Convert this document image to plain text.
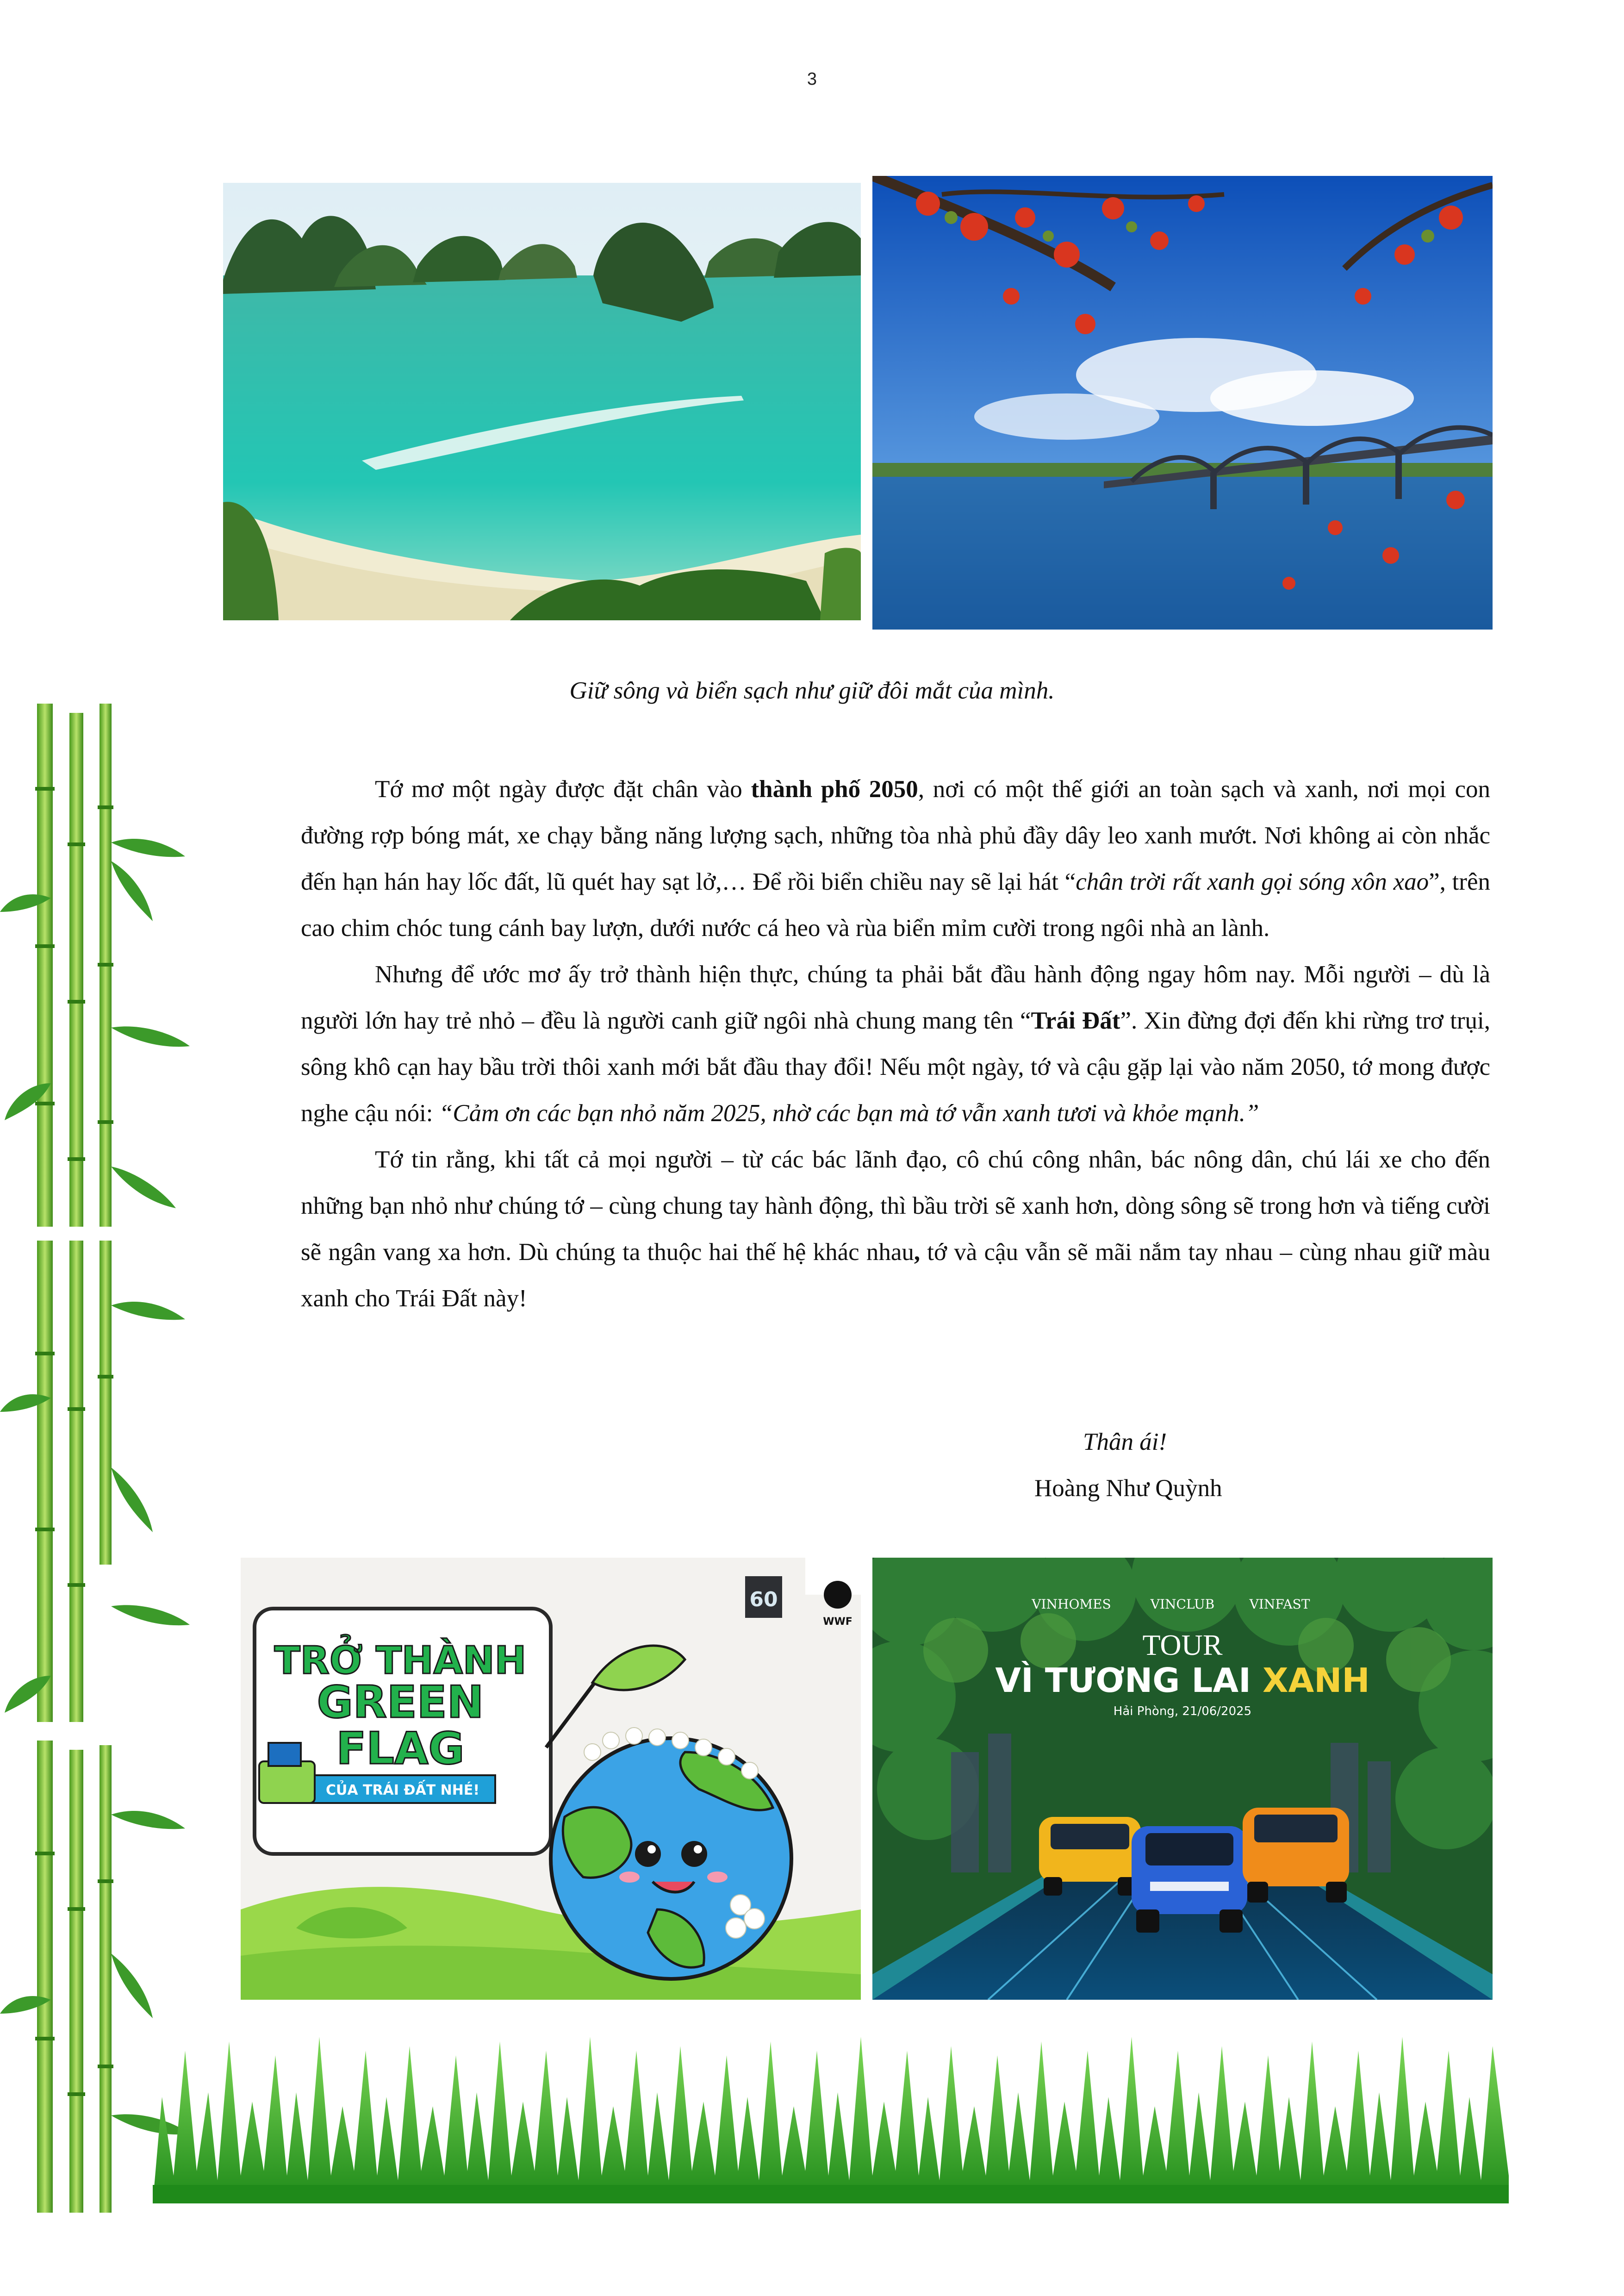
3
Giữ sông và biển sạch như giữ đôi mắt của mình.

Tớ mơ một ngày được đặt chân vào thành phố 2050, nơi có một thế giới an toàn sạch và xanh, nơi mọi con đường rợp bóng mát, xe chạy bằng năng lượng sạch, những tòa nhà phủ đầy dây leo xanh mướt. Nơi không ai còn nhắc đến hạn hán hay lốc đất, lũ quét hay sạt lở,… Để rồi biển chiều nay sẽ lại hát “chân trời rất xanh gọi sóng xôn xao”, trên cao chim chóc tung cánh bay lượn, dưới nước cá heo và rùa biển mỉm cười trong ngôi nhà an lành.

Nhưng để ước mơ ấy trở thành hiện thực, chúng ta phải bắt đầu hành động ngay hôm nay. Mỗi người – dù là người lớn hay trẻ nhỏ – đều là người canh giữ ngôi nhà chung mang tên “Trái Đất”. Xin đừng đợi đến khi rừng trơ trụi, sông khô cạn hay bầu trời thôi xanh mới bắt đầu thay đổi! Nếu một ngày, tớ và cậu gặp lại vào năm 2050, tớ mong được nghe cậu nói: “Cảm ơn các bạn nhỏ năm 2025, nhờ các bạn mà tớ vẫn xanh tươi và khỏe mạnh.”

Tớ tin rằng, khi tất cả mọi người – từ các bác lãnh đạo, cô chú công nhân, bác nông dân, chú lái xe cho đến những bạn nhỏ như chúng tớ – cùng chung tay hành động, thì bầu trời sẽ xanh hơn, dòng sông sẽ trong hơn và tiếng cười sẽ ngân vang xa hơn. Dù chúng ta thuộc hai thế hệ khác nhau, tớ và cậu vẫn sẽ mãi nắm tay nhau – cùng nhau giữ màu xanh cho Trái Đất này!

Thân ái!
Hoàng Như Quỳnh
60
WWF
TRỞ THÀNH
GREEN
FLAG
CỦA TRÁI ĐẤT NHÉ!
VINHOMES	VINCLUB	VINFAST
TOUR
VÌ TƯƠNG LAI XANH
Hải Phòng, 21/06/2025
